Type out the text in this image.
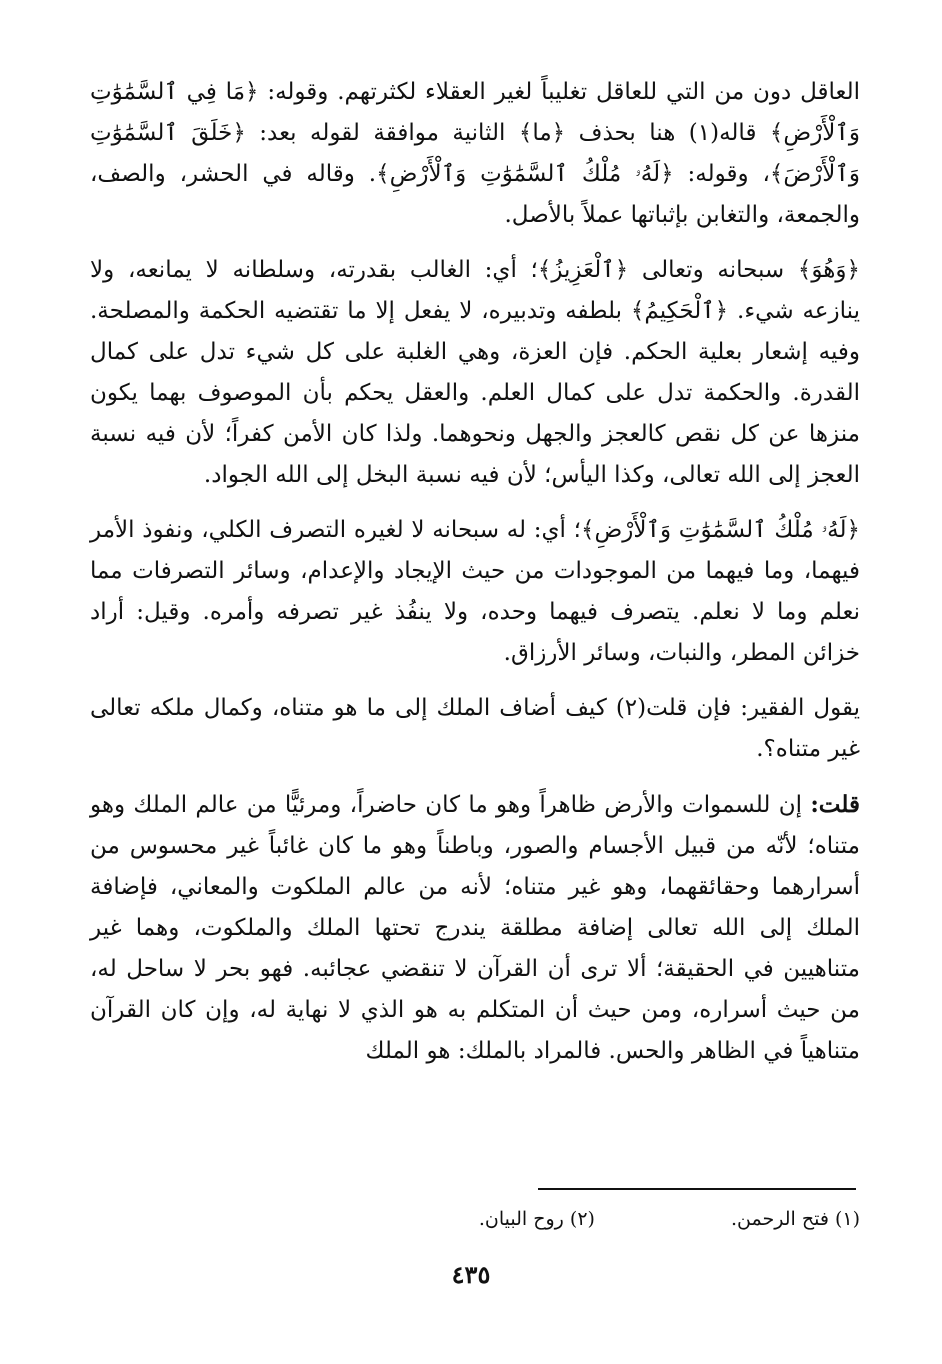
العاقل دون من التي للعاقل تغليباً لغير العقلاء لكثرتهم. وقوله: ﴿مَا فِي ٱلسَّمَٰوَٰتِ وَٱلْأَرْضِ﴾ قاله(١) هنا بحذف ﴿ما﴾ الثانية موافقة لقوله بعد: ﴿خَلَقَ ٱلسَّمَٰوَٰتِ وَٱلْأَرْضَ﴾، وقوله: ﴿لَهُۥ مُلْكُ ٱلسَّمَٰوَٰتِ وَٱلْأَرْضِ﴾. وقاله في الحشر، والصف، والجمعة، والتغابن بإثباتها عملاً بالأصل.

﴿وَهُوَ﴾ سبحانه وتعالى ﴿ٱلْعَزِيزُ﴾؛ أي: الغالب بقدرته، وسلطانه لا يمانعه، ولا ينازعه شيء. ﴿ٱلْحَكِيمُ﴾ بلطفه وتدبيره، لا يفعل إلا ما تقتضيه الحكمة والمصلحة. وفيه إشعار بعلية الحكم. فإن العزة، وهي الغلبة على كل شيء تدل على كمال القدرة. والحكمة تدل على كمال العلم. والعقل يحكم بأن الموصوف بهما يكون منزها عن كل نقص كالعجز والجهل ونحوهما. ولذا كان الأمن كفراً؛ لأن فيه نسبة العجز إلى الله تعالى، وكذا اليأس؛ لأن فيه نسبة البخل إلى الله الجواد.

﴿لَهُۥ مُلْكُ ٱلسَّمَٰوَٰتِ وَٱلْأَرْضِ﴾؛ أي: له سبحانه لا لغيره التصرف الكلي، ونفوذ الأمر فيهما، وما فيهما من الموجودات من حيث الإيجاد والإعدام، وسائر التصرفات مما نعلم وما لا نعلم. يتصرف فيهما وحده، ولا ينفُذ غير تصرفه وأمره. وقيل: أراد خزائن المطر، والنبات، وسائر الأرزاق.

يقول الفقير: فإن قلت(٢) كيف أضاف الملك إلى ما هو متناه، وكمال ملكه تعالى غير متناه؟.

قلت: إن للسموات والأرض ظاهراً وهو ما كان حاضراً، ومرئيًّا من عالم الملك وهو متناه؛ لأنّه من قبيل الأجسام والصور، وباطناً وهو ما كان غائباً غير محسوس من أسرارهما وحقائقهما، وهو غير متناه؛ لأنه من عالم الملكوت والمعاني، فإضافة الملك إلى الله تعالى إضافة مطلقة يندرج تحتها الملك والملكوت، وهما غير متناهيين في الحقيقة؛ ألا ترى أن القرآن لا تنقضي عجائبه. فهو بحر لا ساحل له، من حيث أسراره، ومن حيث أن المتكلم به هو الذي لا نهاية له، وإن كان القرآن متناهياً في الظاهر والحس. فالمراد بالملك: هو الملك

(١) فتح الرحمن. (٢) روح البيان.
٤٣٥
